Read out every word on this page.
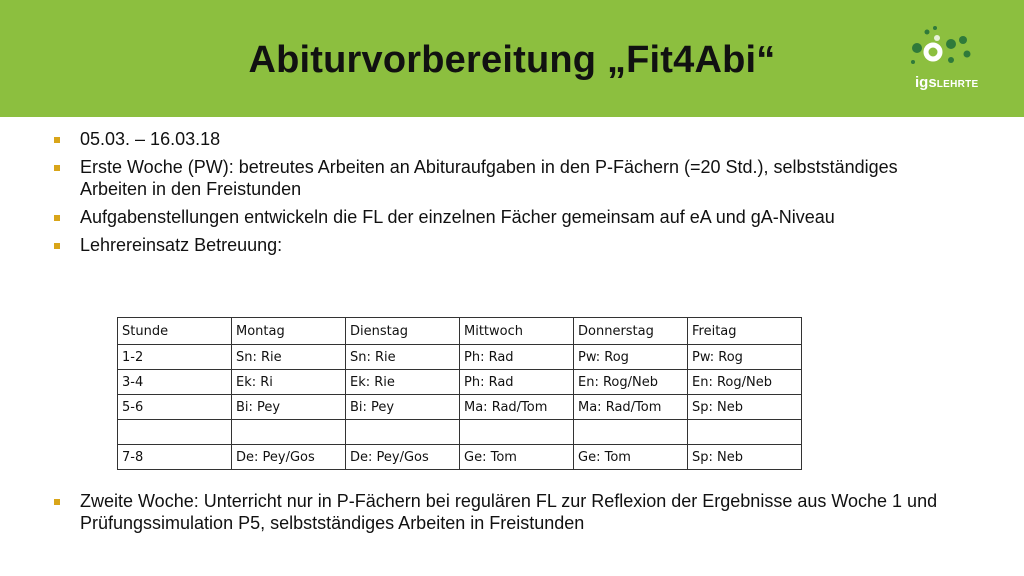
Abiturvorbereitung „Fit4Abi“
igsLEHRTE
05.03. – 16.03.18
Erste Woche (PW): betreutes Arbeiten an Abituraufgaben in den P-Fächern (=20 Std.), selbstständiges Arbeiten in den Freistunden
Aufgabenstellungen entwickeln die FL der einzelnen Fächer gemeinsam auf eA und gA-Niveau
Lehrereinsatz Betreuung:
Stunde	Montag	Dienstag	Mittwoch	Donnerstag	Freitag
1-2	Sn: Rie	Sn: Rie	Ph: Rad	Pw: Rog	Pw: Rog
3-4	Ek: Ri	Ek: Rie	Ph: Rad	En: Rog/Neb	En: Rog/Neb
5-6	Bi: Pey	Bi: Pey	Ma: Rad/Tom	Ma: Rad/Tom	Sp: Neb

7-8	De: Pey/Gos	De: Pey/Gos	Ge: Tom	Ge: Tom	Sp: Neb
Zweite Woche: Unterricht nur in P-Fächern bei regulären FL zur Reflexion der Ergebnisse aus Woche 1 und Prüfungssimulation P5, selbstständiges Arbeiten in Freistunden
